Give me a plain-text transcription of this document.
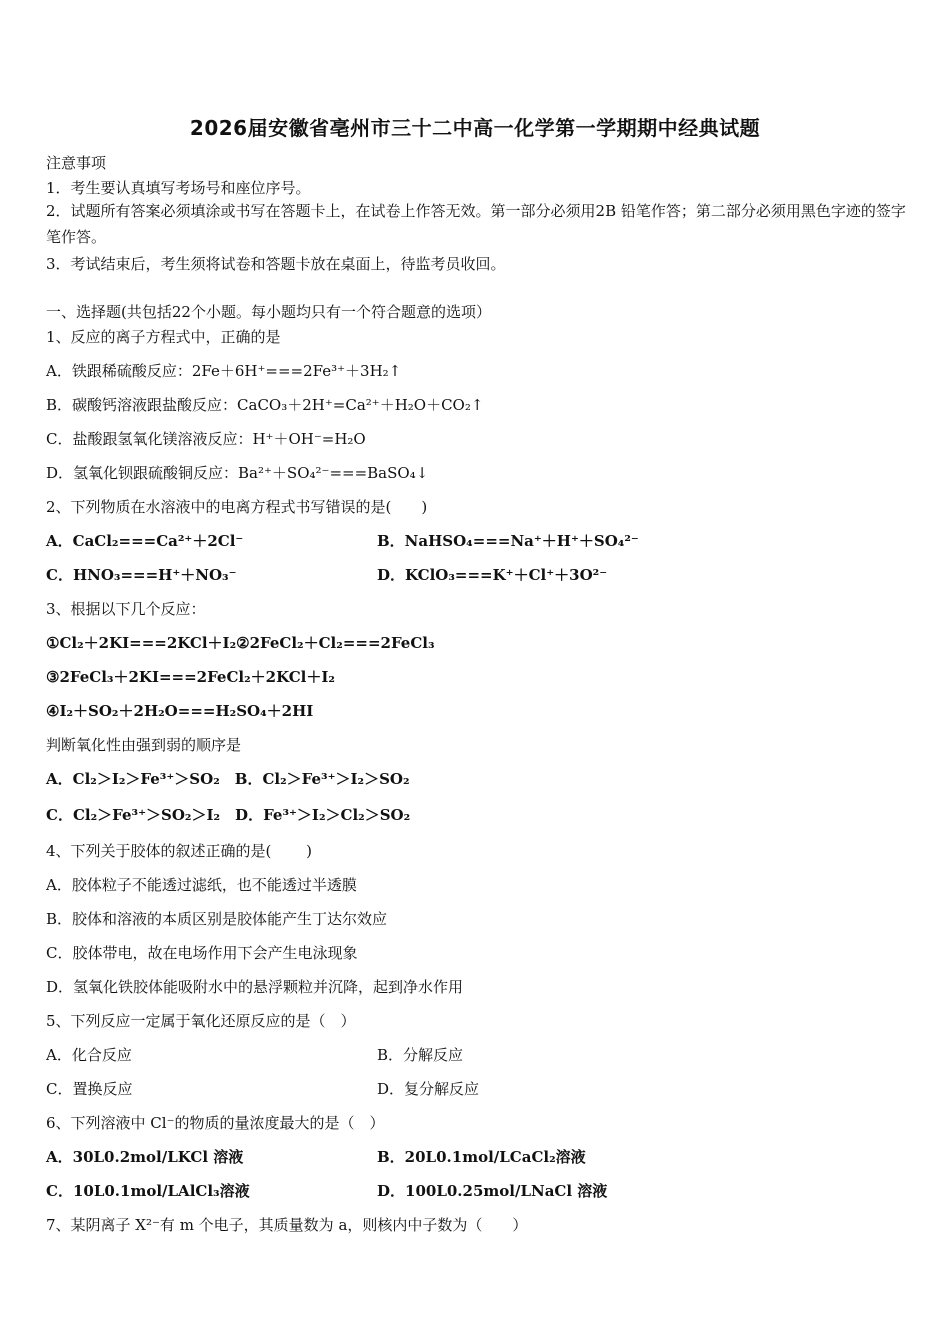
2026届安徽省亳州市三十二中高一化学第一学期期中经典试题
注意事项
1．考生要认真填写考场号和座位序号。
2．试题所有答案必须填涂或书写在答题卡上，在试卷上作答无效。第一部分必须用2B 铅笔作答；第二部分必须用黑色字迹的签字笔作答。
3．考试结束后，考生须将试卷和答题卡放在桌面上，待监考员收回。
一、选择题(共包括22个小题。每小题均只有一个符合题意的选项）
1、反应的离子方程式中，正确的是
A．铁跟稀硫酸反应：2Fe＋6H⁺===2Fe³⁺＋3H₂↑
B．碳酸钙溶液跟盐酸反应：CaCO₃＋2H⁺=Ca²⁺＋H₂O＋CO₂↑
C．盐酸跟氢氧化镁溶液反应：H⁺＋OH⁻=H₂O
D．氢氧化钡跟硫酸铜反应：Ba²⁺＋SO₄²⁻===BaSO₄↓
2、下列物质在水溶液中的电离方程式书写错误的是(　　)
A．CaCl₂===Ca²⁺＋2Cl⁻	B．NaHSO₄===Na⁺＋H⁺＋SO₄²⁻
C．HNO₃===H⁺＋NO₃⁻	D．KClO₃===K⁺＋Cl⁺＋3O²⁻
3、根据以下几个反应：
①Cl₂＋2KI===2KCl＋I₂②2FeCl₂＋Cl₂===2FeCl₃
③2FeCl₃＋2KI===2FeCl₂＋2KCl＋I₂
④I₂＋SO₂＋2H₂O===H₂SO₄＋2HI
判断氧化性由强到弱的顺序是
A．Cl₂＞I₂＞Fe³⁺＞SO₂　B．Cl₂＞Fe³⁺＞I₂＞SO₂
C．Cl₂＞Fe³⁺＞SO₂＞I₂　D．Fe³⁺＞I₂＞Cl₂＞SO₂
4、下列关于胶体的叙述正确的是(　　 )
A．胶体粒子不能透过滤纸，也不能透过半透膜
B．胶体和溶液的本质区别是胶体能产生丁达尔效应
C．胶体带电，故在电场作用下会产生电泳现象
D．氢氧化铁胶体能吸附水中的悬浮颗粒并沉降，起到净水作用
5、下列反应一定属于氧化还原反应的是（　）
A．化合反应	B．分解反应
C．置换反应	D．复分解反应
6、下列溶液中 Cl⁻的物质的量浓度最大的是（　）
A．30L0.2mol/LKCl 溶液	B．20L0.1mol/LCaCl₂溶液
C．10L0.1mol/LAlCl₃溶液	D．100L0.25mol/LNaCl 溶液
7、某阴离子 X²⁻有 m 个电子，其质量数为 a，则核内中子数为（　　）
